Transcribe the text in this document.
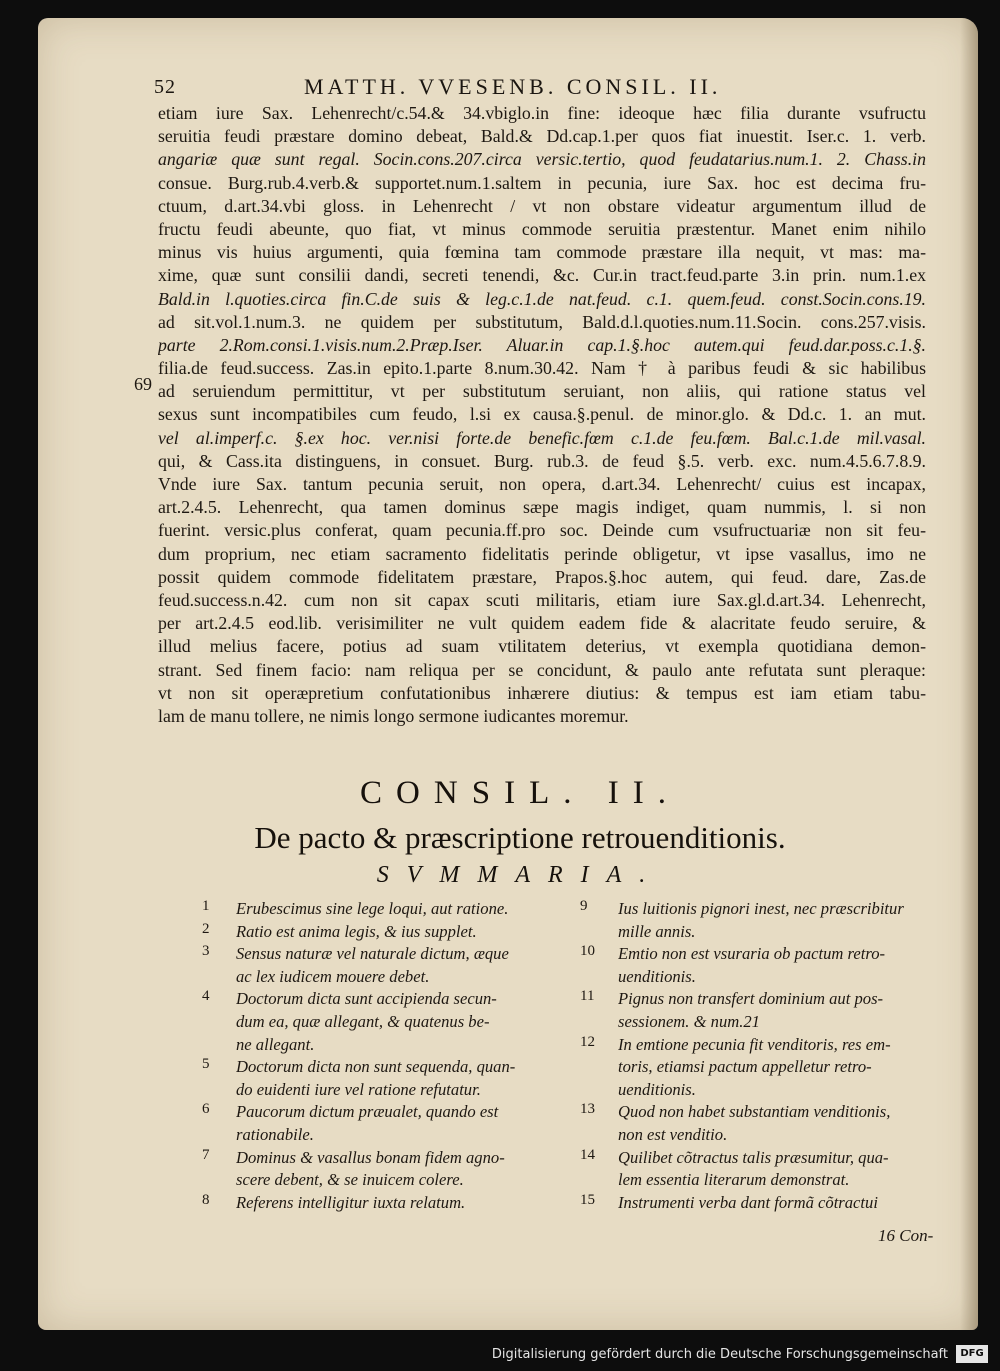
52	MATTH. VVESENB. CONSIL. II.
69
etiam iure Sax. Lehenrecht/c.54.& 34.vbiglo.in fine: ideoque hæc filia durante vsufructu
seruitia feudi præstare domino debeat, Bald.& Dd.cap.1.per quos fiat inuestit. Iser.c. 1. verb.
angariæ quæ sunt regal. Socin.cons.207.circa versic.tertio, quod feudatarius.num.1. 2. Chass.in
consue. Burg.rub.4.verb.& supportet.num.1.saltem in pecunia, iure Sax. hoc est decima fru-
ctuum, d.art.34.vbi gloss. in Lehenrecht / vt non obstare videatur argumentum illud de
fructu feudi abeunte, quo fiat, vt minus commode seruitia præstentur. Manet enim nihilo
minus vis huius argumenti, quia fœmina tam commode præstare illa nequit, vt mas: ma-
xime, quæ sunt consilii dandi, secreti tenendi, &c. Cur.in tract.feud.parte 3.in prin. num.1.ex
Bald.in l.quoties.circa fin.C.de suis & leg.c.1.de nat.feud. c.1. quem.feud. const.Socin.cons.19.
ad sit.vol.1.num.3. ne quidem per substitutum, Bald.d.l.quoties.num.11.Socin. cons.257.visis.
parte 2.Rom.consi.1.visis.num.2.Præp.Iser. Aluar.in cap.1.§.hoc autem.qui feud.dar.poss.c.1.§.
filia.de feud.success. Zas.in epito.1.parte 8.num.30.42. Nam † à paribus feudi & sic habilibus
ad seruiendum permittitur, vt per substitutum seruiant, non aliis, qui ratione status vel
sexus sunt incompatibiles cum feudo, l.si ex causa.§.penul. de minor.glo. & Dd.c. 1. an mut.
vel al.imperf.c. §.ex hoc. ver.nisi forte.de benefic.fœm c.1.de feu.fœm. Bal.c.1.de mil.vasal.
qui, & Cass.ita distinguens, in consuet. Burg. rub.3. de feud §.5. verb. exc. num.4.5.6.7.8.9.
Vnde iure Sax. tantum pecunia seruit, non opera, d.art.34. Lehenrecht/ cuius est incapax,
art.2.4.5. Lehenrecht, qua tamen dominus sæpe magis indiget, quam nummis, l. si non
fuerint. versic.plus conferat, quam pecunia.ff.pro soc. Deinde cum vsufructuariæ non sit feu-
dum proprium, nec etiam sacramento fidelitatis perinde obligetur, vt ipse vasallus, imo ne
possit quidem commode fidelitatem præstare, Prapos.§.hoc autem, qui feud. dare, Zas.de
feud.success.n.42. cum non sit capax scuti militaris, etiam iure Sax.gl.d.art.34. Lehenrecht,
per art.2.4.5 eod.lib. verisimiliter ne vult quidem eadem fide & alacritate feudo seruire, &
illud melius facere, potius ad suam vtilitatem deterius, vt exempla quotidiana demon-
strant. Sed finem facio: nam reliqua per se concidunt, & paulo ante refutata sunt pleraque:
vt non sit operæpretium confutationibus inhærere diutius: & tempus est iam etiam tabu-
lam de manu tollere, ne nimis longo sermone iudicantes moremur.
CONSIL. II.
De pacto & præscriptione retrouenditionis.
SVMMARIA.
1 Erubescimus sine lege loqui, aut ratione.
2 Ratio est anima legis, & ius supplet.
3 Sensus naturæ vel naturale dictum, æque
ac lex iudicem mouere debet.
4 Doctorum dicta sunt accipienda secun-
dum ea, quæ allegant, & quatenus be-
ne allegant.
5 Doctorum dicta non sunt sequenda, quan-
do euidenti iure vel ratione refutatur.
6 Paucorum dictum præualet, quando est
rationabile.
7 Dominus & vasallus bonam fidem agno-
scere debent, & se inuicem colere.
8 Referens intelligitur iuxta relatum.
9 Ius luitionis pignori inest, nec præscribitur
mille annis.
10 Emtio non est vsuraria ob pactum retro-
uenditionis.
11 Pignus non transfert dominium aut pos-
sessionem. & num.21
12 In emtione pecunia fit venditoris, res em-
toris, etiamsi pactum appelletur retro-
uenditionis.
13 Quod non habet substantiam venditionis,
non est venditio.
14 Quilibet cõtractus talis præsumitur, qua-
lem essentia literarum demonstrat.
15 Instrumenti verba dant formã cõtractui
16 Con-
Digitalisierung gefördert durch die Deutsche Forschungsgemeinschaft	DFG
